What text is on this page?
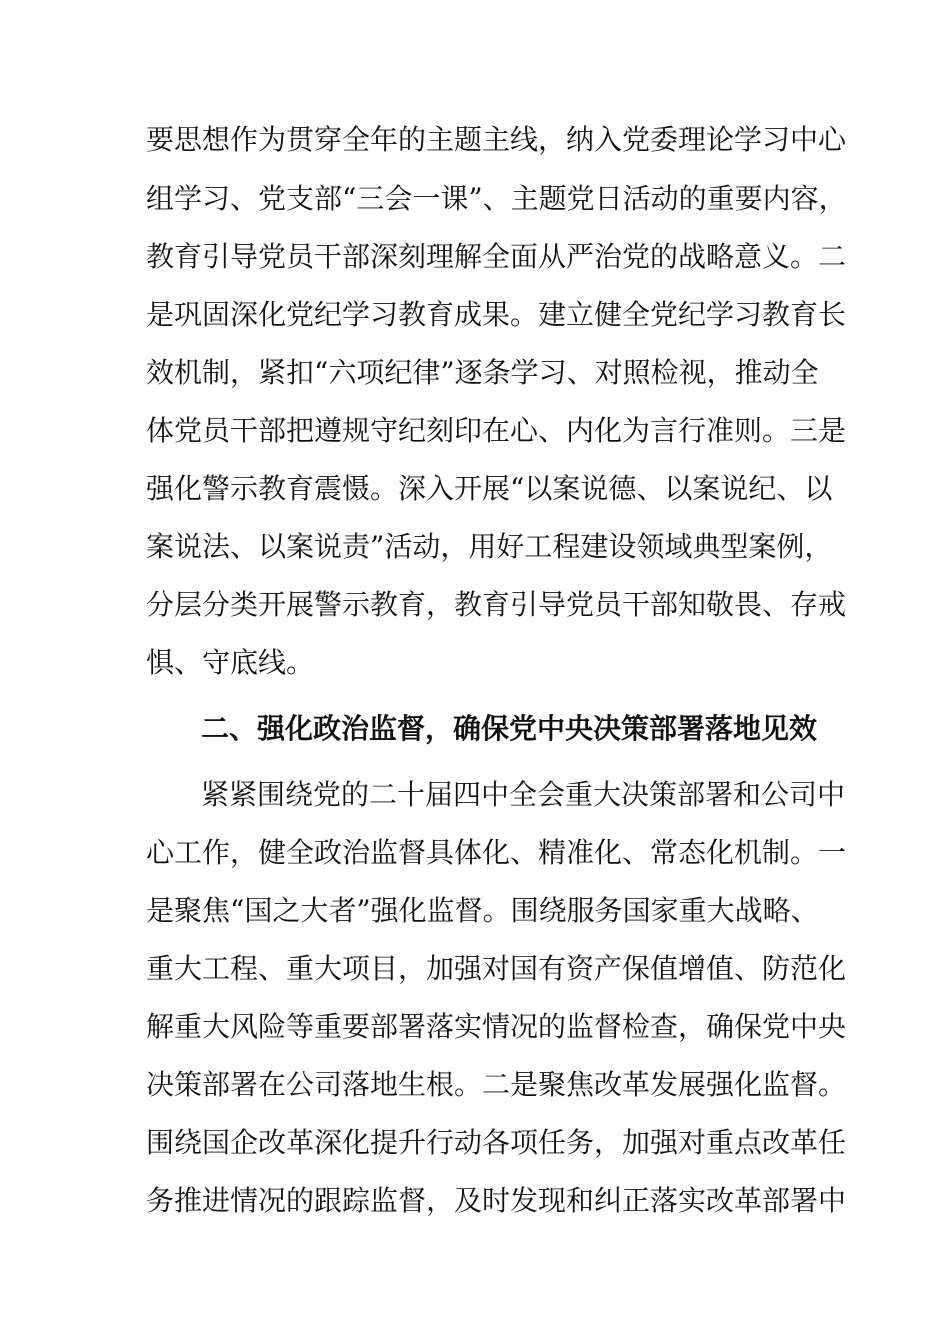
要思想作为贯穿全年的主题主线，纳入党委理论学习中心
组学习、党支部“三会一课”、主题党日活动的重要内容，
教育引导党员干部深刻理解全面从严治党的战略意义。二
是巩固深化党纪学习教育成果。建立健全党纪学习教育长
效机制，紧扣“六项纪律”逐条学习、对照检视，推动全
体党员干部把遵规守纪刻印在心、内化为言行准则。三是
强化警示教育震慑。深入开展“以案说德、以案说纪、以
案说法、以案说责”活动，用好工程建设领域典型案例，
分层分类开展警示教育，教育引导党员干部知敬畏、存戒
惧、守底线。
二、强化政治监督，确保党中央决策部署落地见效
紧紧围绕党的二十届四中全会重大决策部署和公司中
心工作，健全政治监督具体化、精准化、常态化机制。一
是聚焦“国之大者”强化监督。围绕服务国家重大战略、
重大工程、重大项目，加强对国有资产保值增值、防范化
解重大风险等重要部署落实情况的监督检查，确保党中央
决策部署在公司落地生根。二是聚焦改革发展强化监督。
围绕国企改革深化提升行动各项任务，加强对重点改革任
务推进情况的跟踪监督，及时发现和纠正落实改革部署中
